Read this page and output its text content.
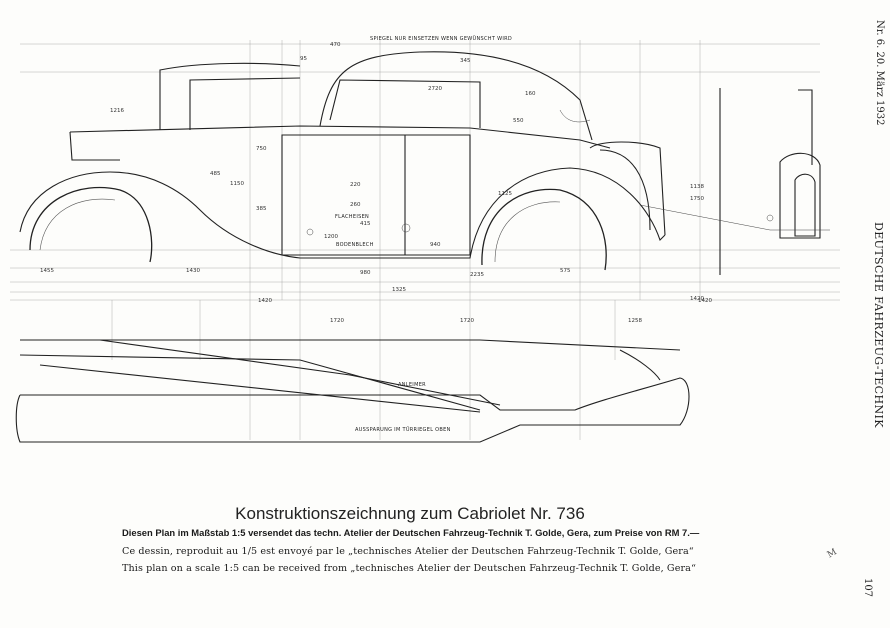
SPIEGEL NUR EINSETZEN WENN GEWÜNSCHT WIRD
BODENBLECH
ANLEIMER
AUSSPARUNG IM TÜRRIEGEL OBEN
FLACHEISEN
1325
1420	1420
2235
980
1430
1216
1455
940
1200
220
260
575
750
1150
160
550
485
385
415
1125
2720
345
95
470
1258
1720	1720
1750
1138
1420
Konstruktionszeichnung zum Cabriolet Nr. 736
Diesen Plan im Maßstab 1:5 versendet das techn. Atelier der Deutschen Fahrzeug-Technik T. Golde, Gera, zum Preise von RM 7.—
Ce dessin, reproduit au 1/5 est envoyé par le „technisches Atelier der Deutschen Fahrzeug-Technik T. Golde, Gera“
This plan on a scale 1:5 can be received from „technisches Atelier der Deutschen Fahrzeug-Technik T. Golde, Gera“
Nr. 6. 20. März 1932
DEUTSCHE FAHRZEUG-TECHNIK
107
M
